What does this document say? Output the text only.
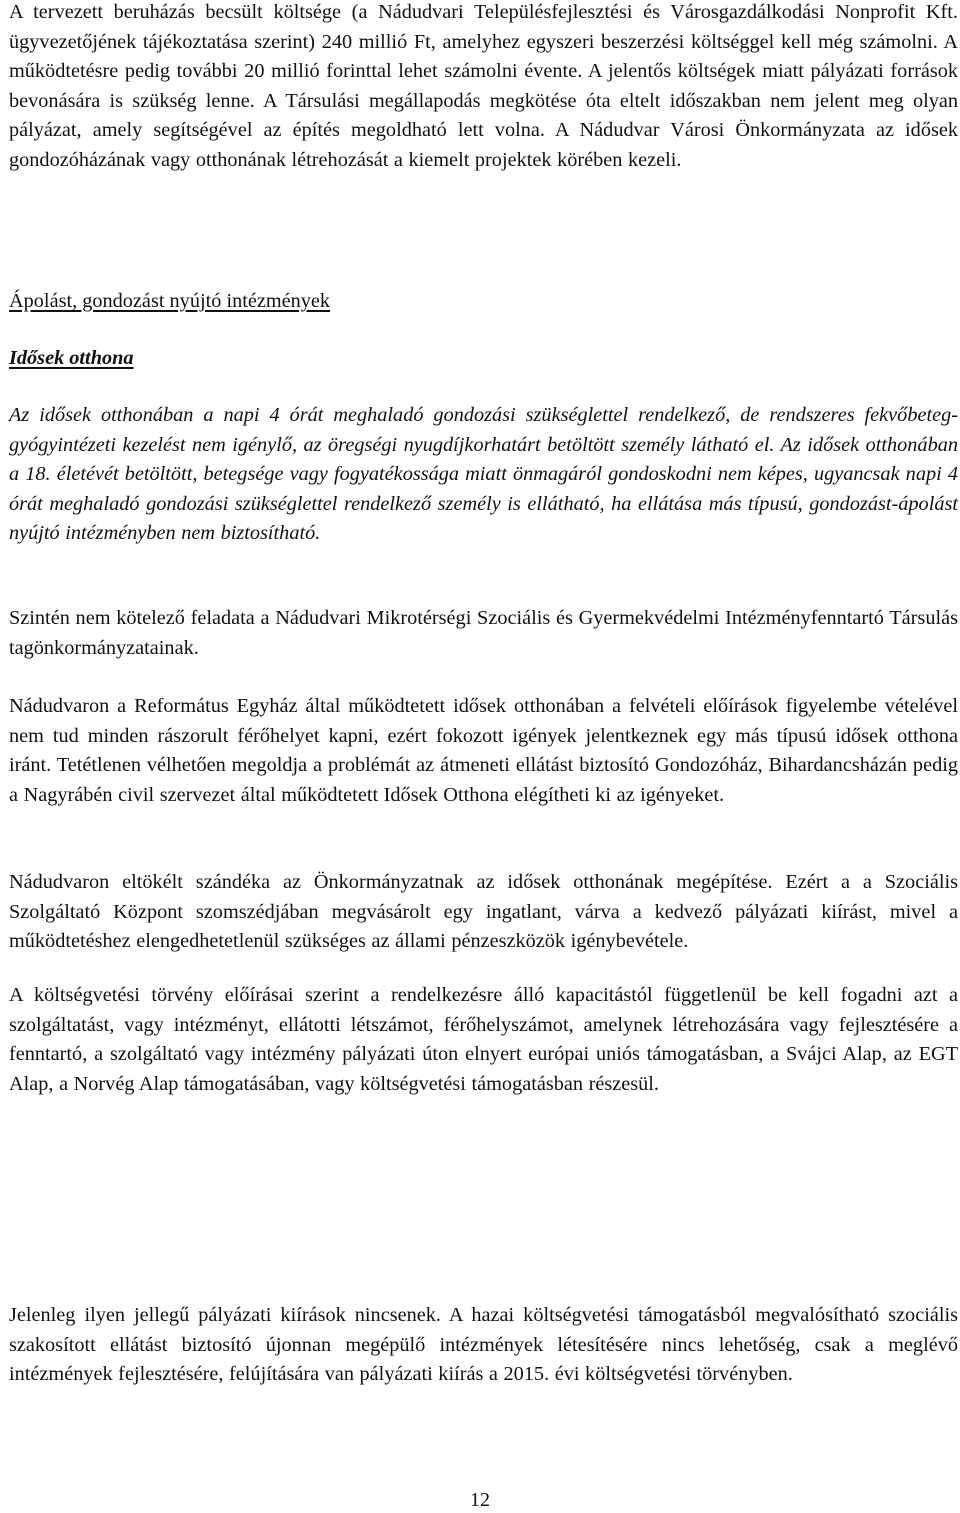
A tervezett beruházás becsült költsége (a Nádudvari Településfejlesztési és Városgazdálkodási Nonprofit Kft. ügyvezetőjének tájékoztatása szerint) 240 millió Ft, amelyhez egyszeri beszerzési költséggel kell még számolni. A működtetésre pedig további 20 millió forinttal lehet számolni évente. A jelentős költségek miatt pályázati források bevonására is szükség lenne. A Társulási megállapodás megkötése óta eltelt időszakban nem jelent meg olyan pályázat, amely segítségével az építés megoldható lett volna. A Nádudvar Városi Önkormányzata az idősek gondozóházának vagy otthonának létrehozását a kiemelt projektek körében kezeli.

Ápolást, gondozást nyújtó intézmények

Idősek otthona

Az idősek otthonában a napi 4 órát meghaladó gondozási szükséglettel rendelkező, de rendszeres fekvőbeteg-gyógyintézeti kezelést nem igénylő, az öregségi nyugdíjkorhatárt betöltött személy látható el. Az idősek otthonában a 18. életévét betöltött, betegsége vagy fogyatékossága miatt önmagáról gondoskodni nem képes, ugyancsak napi 4 órát meghaladó gondozási szükséglettel rendelkező személy is ellátható, ha ellátása más típusú, gondozást-ápolást nyújtó intézményben nem biztosítható.

Szintén nem kötelező feladata a Nádudvari Mikrotérségi Szociális és Gyermekvédelmi Intézményfenntartó Társulás tagönkormányzatainak.

Nádudvaron a Református Egyház által működtetett idősek otthonában a felvételi előírások figyelembe vételével nem tud minden rászorult férőhelyet kapni, ezért fokozott igények jelentkeznek egy más típusú idősek otthona iránt. Tetétlenen vélhetően megoldja a problémát az átmeneti ellátást biztosító Gondozóház, Bihardancsházán pedig a Nagyrábén civil szervezet által működtetett Idősek Otthona elégítheti ki az igényeket.

Nádudvaron eltökélt szándéka az Önkormányzatnak az idősek otthonának megépítése. Ezért a a Szociális Szolgáltató Központ szomszédjában megvásárolt egy ingatlant, várva a kedvező pályázati kiírást, mivel a működtetéshez elengedhetetlenül szükséges az állami pénzeszközök igénybevétele.

A költségvetési törvény előírásai szerint a rendelkezésre álló kapacitástól függetlenül be kell fogadni azt a szolgáltatást, vagy intézményt, ellátotti létszámot, férőhelyszámot, amelynek létrehozására vagy fejlesztésére a fenntartó, a szolgáltató vagy intézmény pályázati úton elnyert európai uniós támogatásban, a Svájci Alap, az EGT Alap, a Norvég Alap támogatásában, vagy költségvetési támogatásban részesül.

Jelenleg ilyen jellegű pályázati kiírások nincsenek. A hazai költségvetési támogatásból megvalósítható szociális szakosított ellátást biztosító újonnan megépülő intézmények létesítésére nincs lehetőség, csak a meglévő intézmények fejlesztésére, felújítására van pályázati kiírás a 2015. évi költségvetési törvényben.

12
